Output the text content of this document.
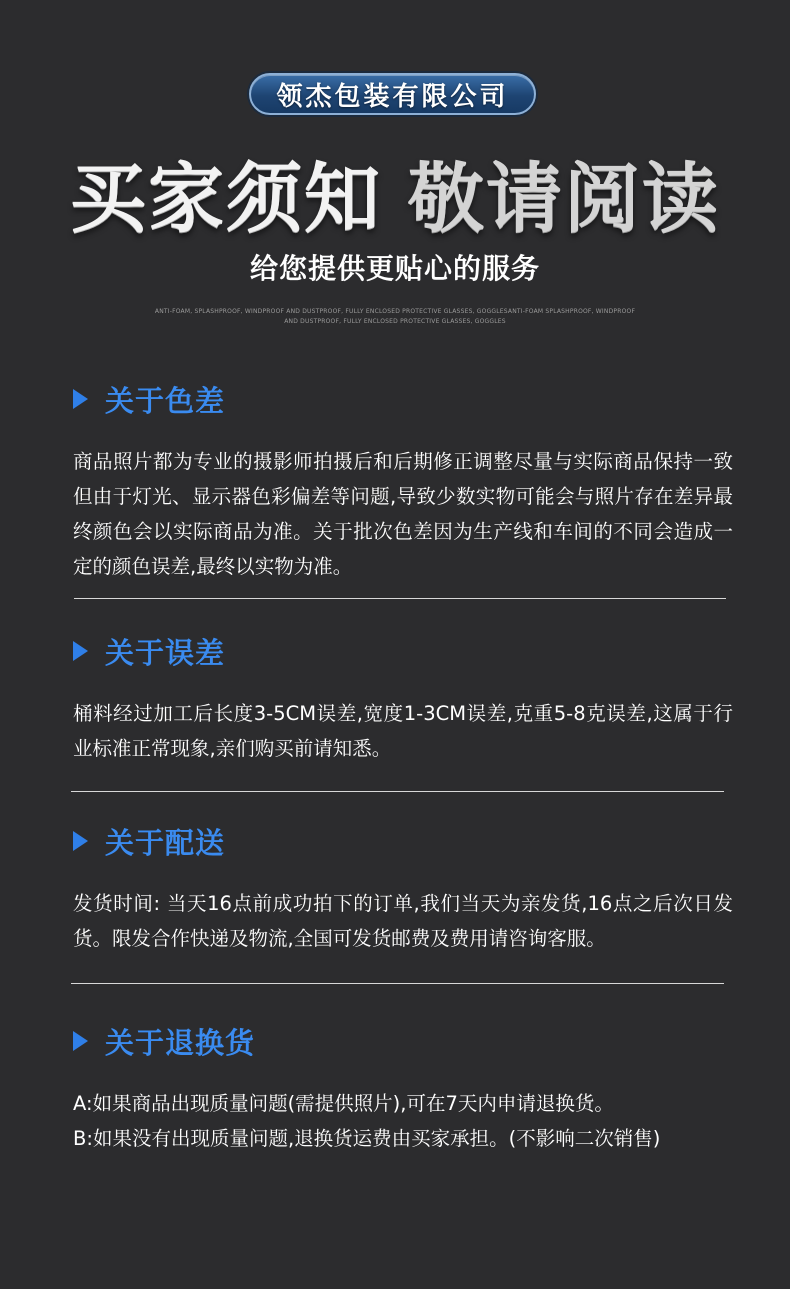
领杰包装有限公司
买家须知 敬请阅读
给您提供更贴心的服务
ANTI-FOAM, SPLASHPROOF, WINDPROOF AND DUSTPROOF, FULLY ENCLOSED PROTECTIVE GLASSES, GOGGLESANTI-FOAM SPLASHPROOF, WINDPROOF AND DUSTPROOF, FULLY ENCLOSED PROTECTIVE GLASSES, GOGGLES
关于色差

商品照片都为专业的摄影师拍摄后和后期修正调整尽量与实际商品保持一致但由于灯光、显示器色彩偏差等问题,导致少数实物可能会与照片存在差异最终颜色会以实际商品为准。关于批次色差因为生产线和车间的不同会造成一定的颜色误差,最终以实物为准。

关于误差

桶料经过加工后长度3-5CM误差,宽度1-3CM误差,克重5-8克误差,这属于行业标准正常现象,亲们购买前请知悉。

关于配送

发货时间: 当天16点前成功拍下的订单,我们当天为亲发货,16点之后次日发货。限发合作快递及物流,全国可发货邮费及费用请咨询客服。

关于退换货

A:如果商品出现质量问题(需提供照片),可在7天内申请退换货。

B:如果没有出现质量问题,退换货运费由买家承担。(不影响二次销售)
